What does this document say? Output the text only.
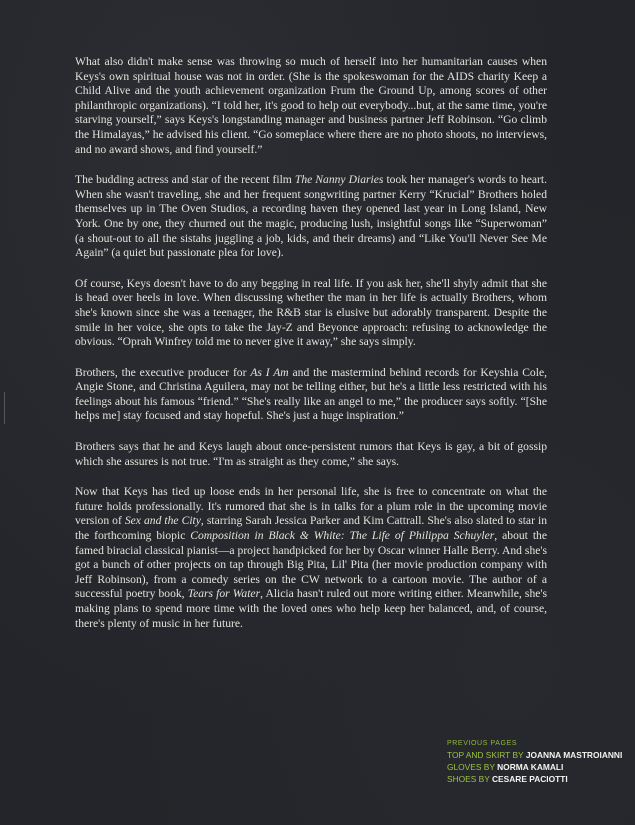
What also didn't make sense was throwing so much of herself into her humanitarian causes when Keys's own spiritual house was not in order. (She is the spokeswoman for the AIDS charity Keep a Child Alive and the youth achievement organization Frum the Ground Up, among scores of other philanthropic organizations). “I told her, it's good to help out everybody...but, at the same time, you're starving yourself,” says Keys's longstanding manager and business partner Jeff Robinson. “Go climb the Himalayas,” he advised his client. “Go someplace where there are no photo shoots, no interviews, and no award shows, and find yourself.”

The budding actress and star of the recent film The Nanny Diaries took her manager's words to heart. When she wasn't traveling, she and her frequent songwriting partner Kerry “Krucial” Brothers holed themselves up in The Oven Studios, a recording haven they opened last year in Long Island, New York. One by one, they churned out the magic, producing lush, insightful songs like “Superwoman” (a shout-out to all the sistahs juggling a job, kids, and their dreams) and “Like You'll Never See Me Again” (a quiet but passionate plea for love).

Of course, Keys doesn't have to do any begging in real life. If you ask her, she'll shyly admit that she is head over heels in love. When discussing whether the man in her life is actually Brothers, whom she's known since she was a teenager, the R&B star is elusive but adorably transparent. Despite the smile in her voice, she opts to take the Jay-Z and Beyonce approach: refusing to acknowledge the obvious. “Oprah Winfrey told me to never give it away,” she says simply.

Brothers, the executive producer for As I Am and the mastermind behind records for Keyshia Cole, Angie Stone, and Christina Aguilera, may not be telling either, but he's a little less restricted with his feelings about his famous “friend.” “She's really like an angel to me,” the producer says softly. “[She helps me] stay focused and stay hopeful. She's just a huge inspiration.”

Brothers says that he and Keys laugh about once-persistent rumors that Keys is gay, a bit of gossip which she assures is not true. “I'm as straight as they come,” she says.

Now that Keys has tied up loose ends in her personal life, she is free to concentrate on what the future holds professionally. It's rumored that she is in talks for a plum role in the upcoming movie version of Sex and the City, starring Sarah Jessica Parker and Kim Cattrall. She's also slated to star in the forthcoming biopic Composition in Black & White: The Life of Philippa Schuyler, about the famed biracial classical pianist—a project handpicked for her by Oscar winner Halle Berry. And she's got a bunch of other projects on tap through Big Pita, Lil' Pita (her movie production company with Jeff Robinson), from a comedy series on the CW network to a cartoon movie. The author of a successful poetry book, Tears for Water, Alicia hasn't ruled out more writing either. Meanwhile, she's making plans to spend more time with the loved ones who help keep her balanced, and, of course, there's plenty of music in her future.

PREVIOUS PAGES
TOP AND SKIRT BY JOANNA MASTROIANNI
GLOVES BY NORMA KAMALI
SHOES BY CESARE PACIOTTI
